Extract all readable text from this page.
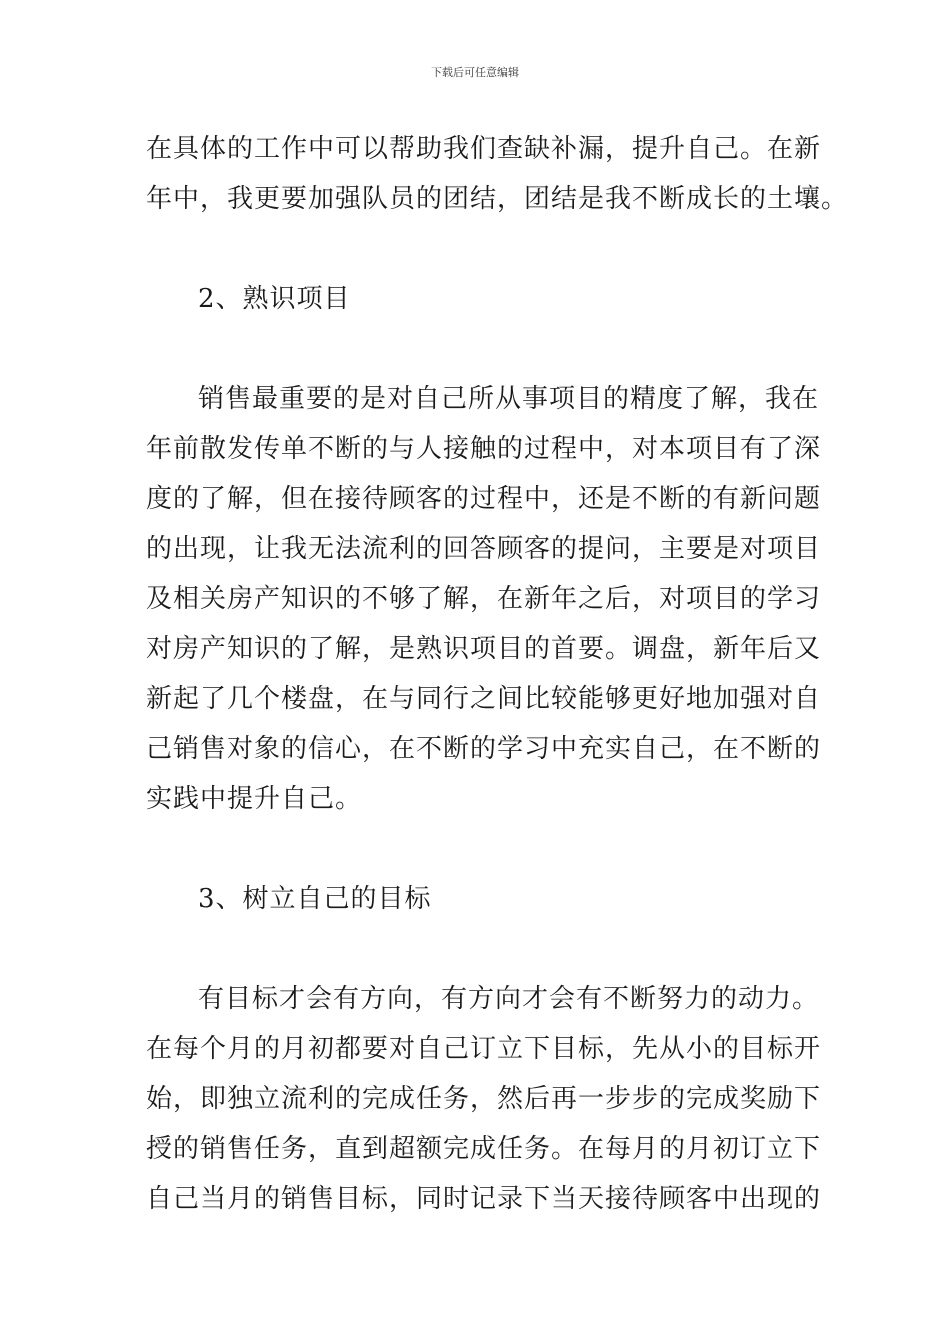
下载后可任意编辑

在具体的工作中可以帮助我们查缺补漏，提升自己。在新
年中，我更要加强队员的团结，团结是我不断成长的土壤。

2、熟识项目

销售最重要的是对自己所从事项目的精度了解，我在
年前散发传单不断的与人接触的过程中，对本项目有了深
度的了解，但在接待顾客的过程中，还是不断的有新问题
的出现，让我无法流利的回答顾客的提问，主要是对项目
及相关房产知识的不够了解，在新年之后，对项目的学习
对房产知识的了解，是熟识项目的首要。调盘，新年后又
新起了几个楼盘，在与同行之间比较能够更好地加强对自
己销售对象的信心，在不断的学习中充实自己，在不断的
实践中提升自己。

3、树立自己的目标

有目标才会有方向，有方向才会有不断努力的动力。
在每个月的月初都要对自己订立下目标，先从小的目标开
始，即独立流利的完成任务，然后再一步步的完成奖励下
授的销售任务，直到超额完成任务。在每月的月初订立下
自己当月的销售目标，同时记录下当天接待顾客中出现的
